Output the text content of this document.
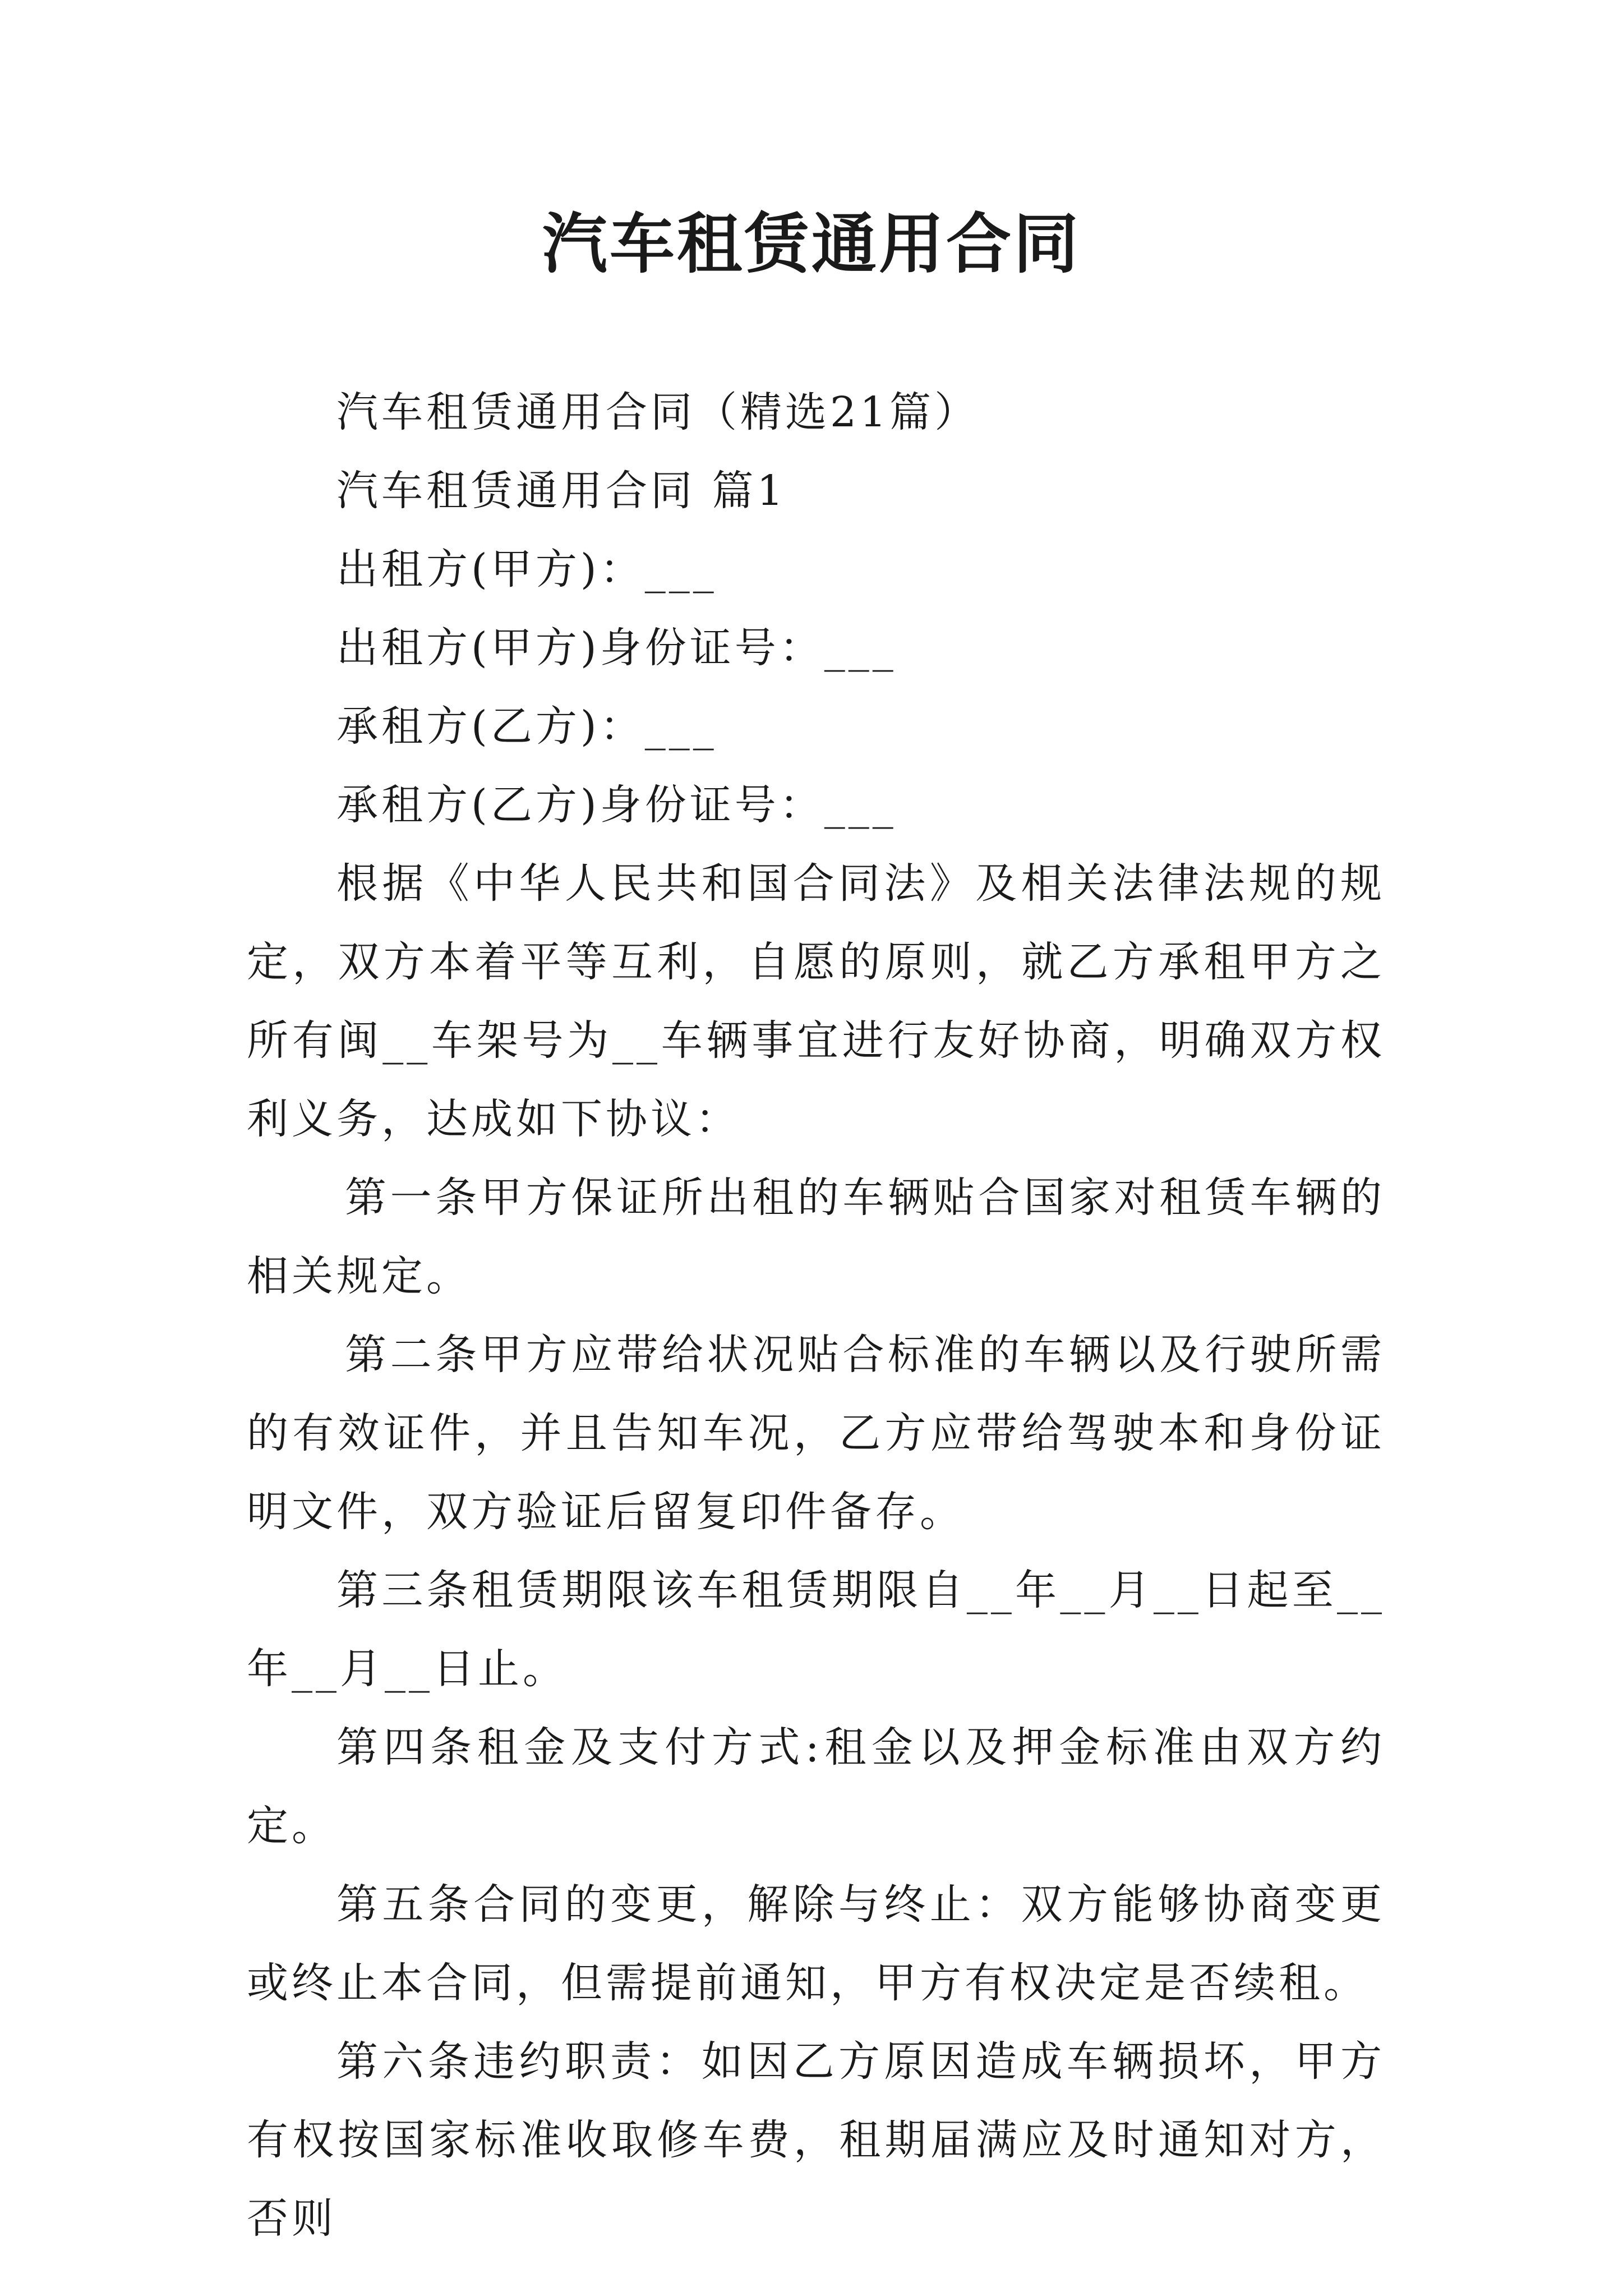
汽车租赁通用合同

汽车租赁通用合同（精选21篇）

汽车租赁通用合同 篇1

出租方(甲方)：___

出租方(甲方)身份证号：___

承租方(乙方)：___

承租方(乙方)身份证号：___

根据《中华人民共和国合同法》及相关法律法规的规定，双方本着平等互利，自愿的原则，就乙方承租甲方之所有闽__车架号为__车辆事宜进行友好协商，明确双方权利义务，达成如下协议：

第一条甲方保证所出租的车辆贴合国家对租赁车辆的相关规定。

第二条甲方应带给状况贴合标准的车辆以及行驶所需的有效证件，并且告知车况，乙方应带给驾驶本和身份证明文件，双方验证后留复印件备存。

第三条租赁期限该车租赁期限自__年__月__日起至__年__月__日止。

第四条租金及支付方式:租金以及押金标准由双方约定。

第五条合同的变更，解除与终止：双方能够协商变更或终止本合同，但需提前通知，甲方有权决定是否续租。

第六条违约职责：如因乙方原因造成车辆损坏，甲方有权按国家标准收取修车费，租期届满应及时通知对方，否则
